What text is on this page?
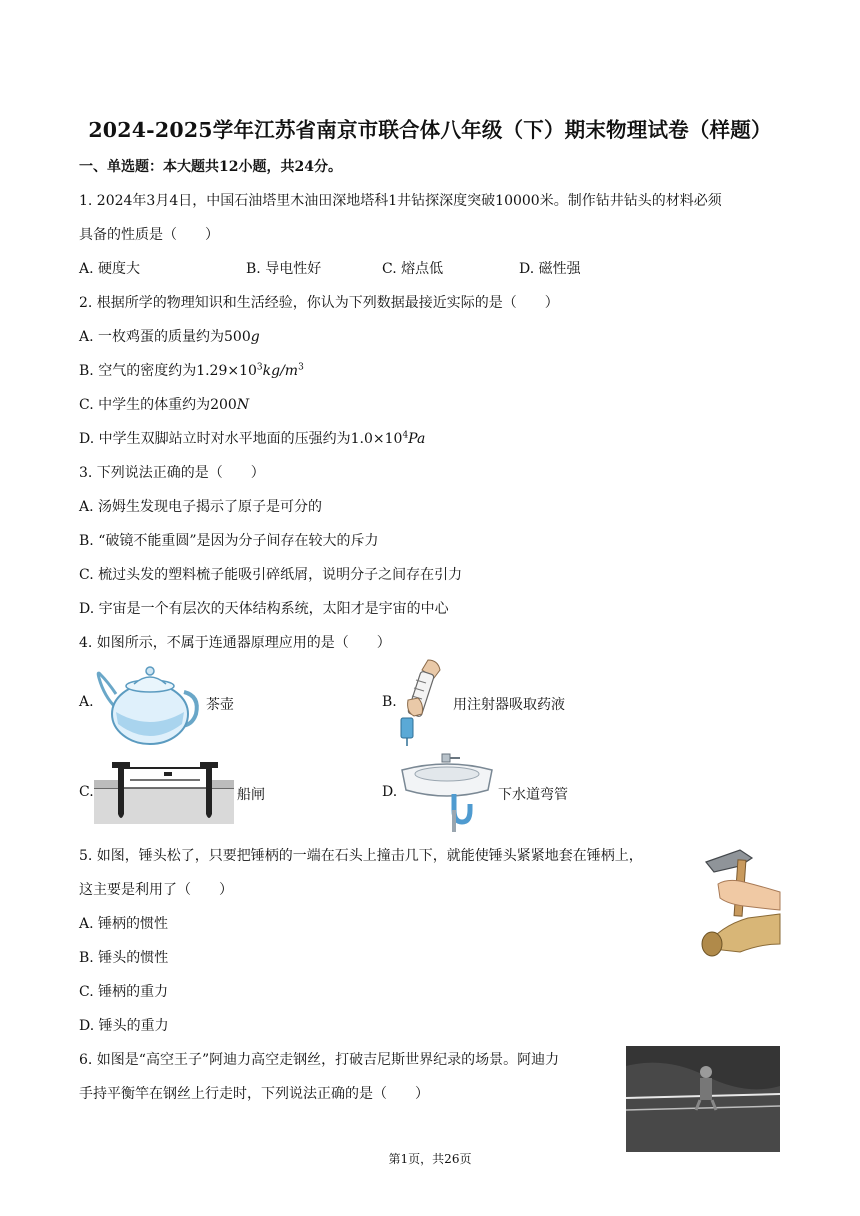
2024-2025学年江苏省南京市联合体八年级（下）期末物理试卷（样题）
一、单选题：本大题共12小题，共24分。
1. 2024年3月4日，中国石油塔里木油田深地塔科1井钻探深度突破10000米。制作钻井钻头的材料必须
具备的性质是（　　）
A. 硬度大	B. 导电性好	C. 熔点低	D. 磁性强
2. 根据所学的物理知识和生活经验，你认为下列数据最接近实际的是（　　）
A. 一枚鸡蛋的质量约为500g
B. 空气的密度约为$1.29\times 10^3kg/m^3$
C. 中学生的体重约为200N
D. 中学生双脚站立时对水平地面的压强约为$1.0\times 10^4Pa$
3. 下列说法正确的是（　　）
A. 汤姆生发现电子揭示了原子是可分的
B. “破镜不能重圆”是因为分子间存在较大的斥力
C. 梳过头发的塑料梳子能吸引碎纸屑，说明分子之间存在引力
D. 宇宙是一个有层次的天体结构系统，太阳才是宇宙的中心
4. 如图所示，不属于连通器原理应用的是（　　）
A.	茶壶	B.	用注射器吸取药液
C.	船闸	D.	下水道弯管
5. 如图，锤头松了，只要把锤柄的一端在石头上撞击几下，就能使锤头紧紧地套在锤柄上，
这主要是利用了（　　）
A. 锤柄的惯性
B. 锤头的惯性
C. 锤柄的重力
D. 锤头的重力
6. 如图是“高空王子”阿迪力高空走钢丝，打破吉尼斯世界纪录的场景。阿迪力
手持平衡竿在钢丝上行走时，下列说法正确的是（　　）
第1页，共26页
